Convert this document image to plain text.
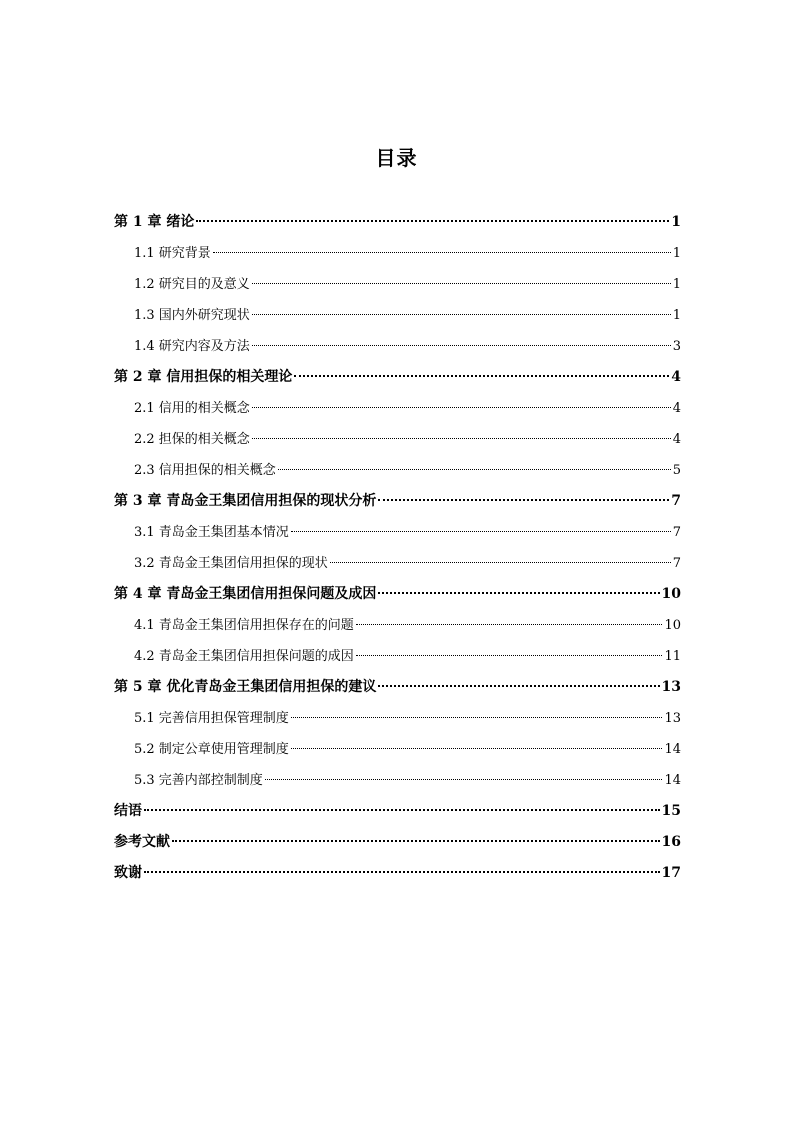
目录
第 1 章 绪论	1
1.1 研究背景	1
1.2 研究目的及意义	1
1.3 国内外研究现状	1
1.4 研究内容及方法	3
第 2 章 信用担保的相关理论	4
2.1 信用的相关概念	4
2.2 担保的相关概念	4
2.3 信用担保的相关概念	5
第 3 章 青岛金王集团信用担保的现状分析	7
3.1 青岛金王集团基本情况	7
3.2 青岛金王集团信用担保的现状	7
第 4 章 青岛金王集团信用担保问题及成因	10
4.1 青岛金王集团信用担保存在的问题	10
4.2 青岛金王集团信用担保问题的成因	11
第 5 章 优化青岛金王集团信用担保的建议	13
5.1 完善信用担保管理制度	13
5.2 制定公章使用管理制度	14
5.3 完善内部控制制度	14
结语	15
参考文献	16
致谢	17
